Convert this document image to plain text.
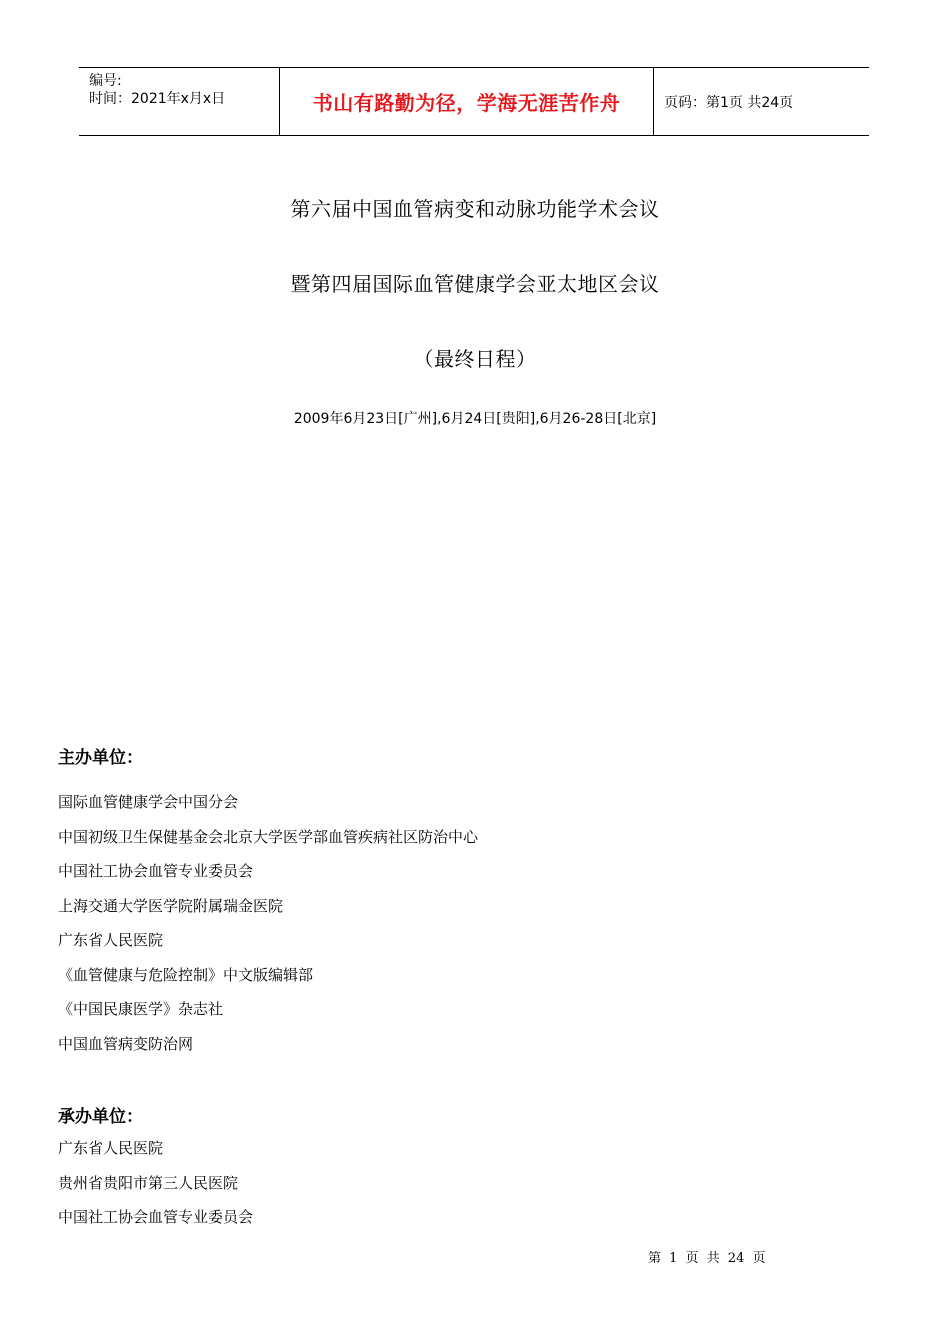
编号:
时间：2021年x月x日	书山有路勤为径，学海无涯苦作舟	页码：第1页 共24页
第六届中国血管病变和动脉功能学术会议
暨第四届国际血管健康学会亚太地区会议
（最终日程）
2009年6月23日[广州],6月24日[贵阳],6月26-28日[北京]
主办单位：
国际血管健康学会中国分会
中国初级卫生保健基金会北京大学医学部血管疾病社区防治中心
中国社工协会血管专业委员会
上海交通大学医学院附属瑞金医院
广东省人民医院
《血管健康与危险控制》中文版编辑部
《中国民康医学》杂志社
中国血管病变防治网
承办单位：
广东省人民医院
贵州省贵阳市第三人民医院
中国社工协会血管专业委员会
第 1 页 共 24 页
